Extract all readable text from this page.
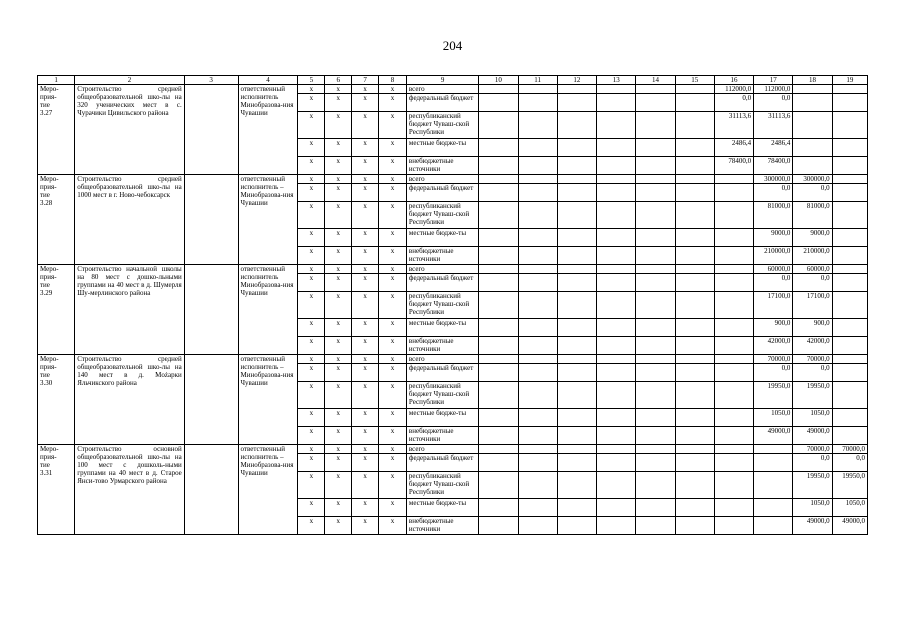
204
1	2	3	4	5	6	7	8	9	10	11	12	13	14	15	16	17	18	19
Меро-
прия-
тие
3.27	Строительство средней общеобразовательной шко-лы на 320 ученических мест в с. Чурачики Цивильского района		ответственный исполнитель Минобразова-ния Чувашии	x	x	x	x	всего							112000,0	112000,0		
				x	x	x	x	федеральный бюджет							0,0	0,0		
				x	x	x	x	республиканский бюджет Чуваш-ской Республики							31113,6	31113,6		
				x	x	x	x	местные бюдже-ты							2486,4	2486,4		
				x	x	x	x	внебюджетные источники							78400,0	78400,0		
Меро-
прия-
тие
3.28	Строительство средней общеобразовательной шко-лы на 1000 мест в г. Ново-чебоксарск		ответственный исполнитель – Минобразова-ния Чувашии	x	x	x	x	всего								300000,0	300000,0	
				x	x	x	x	федеральный бюджет								0,0	0,0	
				x	x	x	x	республиканский бюджет Чуваш-ской Республики								81000,0	81000,0	
				x	x	x	x	местные бюдже-ты								9000,0	9000,0	
				x	x	x	x	внебюджетные источники								210000,0	210000,0	
Меро-
прия-
тие
3.29	Строительство начальной школы на 80 мест с дошко-льными группами на 40 мест в д. Шумерля Шу-мерлинского района		ответственный исполнитель Минобразова-ния Чувашии	x	x	x	x	всего								60000,0	60000,0	
				x	x	x	x	федеральный бюджет								0,0	0,0	
				x	x	x	x	республиканский бюджет Чуваш-ской Республики								17100,0	17100,0	
				x	x	x	x	местные бюдже-ты								900,0	900,0	
				x	x	x	x	внебюджетные источники								42000,0	42000,0	
Меро-
прия-
тие
3.30	Строительство средней общеобразовательной шко-лы на 140 мест в д. Мożарки Яльчикского района		ответственный исполнитель – Минобразова-ния Чувашии	x	x	x	x	всего								70000,0	70000,0	
				x	x	x	x	федеральный бюджет								0,0	0,0	
				x	x	x	x	республиканский бюджет Чуваш-ской Республики								19950,0	19950,0	
				x	x	x	x	местные бюдже-ты								1050,0	1050,0	
				x	x	x	x	внебюджетные источники								49000,0	49000,0	
Меро-
прия-
тие
3.31	Строительство основной общеобразовательной шко-лы на 100 мест с дошколь-ными группами на 40 мест в д. Старое Янси-тово Урмарского района		ответственный исполнитель – Минобразова-ния Чувашии	x	x	x	x	всего									70000,0	70000,0
				x	x	x	x	федеральный бюджет									0,0	0,0
				x	x	x	x	республиканский бюджет Чуваш-ской Республики									19950,0	19950,0
				x	x	x	x	местные бюдже-ты									1050,0	1050,0
				x	x	x	x	внебюджетные источники									49000,0	49000,0
